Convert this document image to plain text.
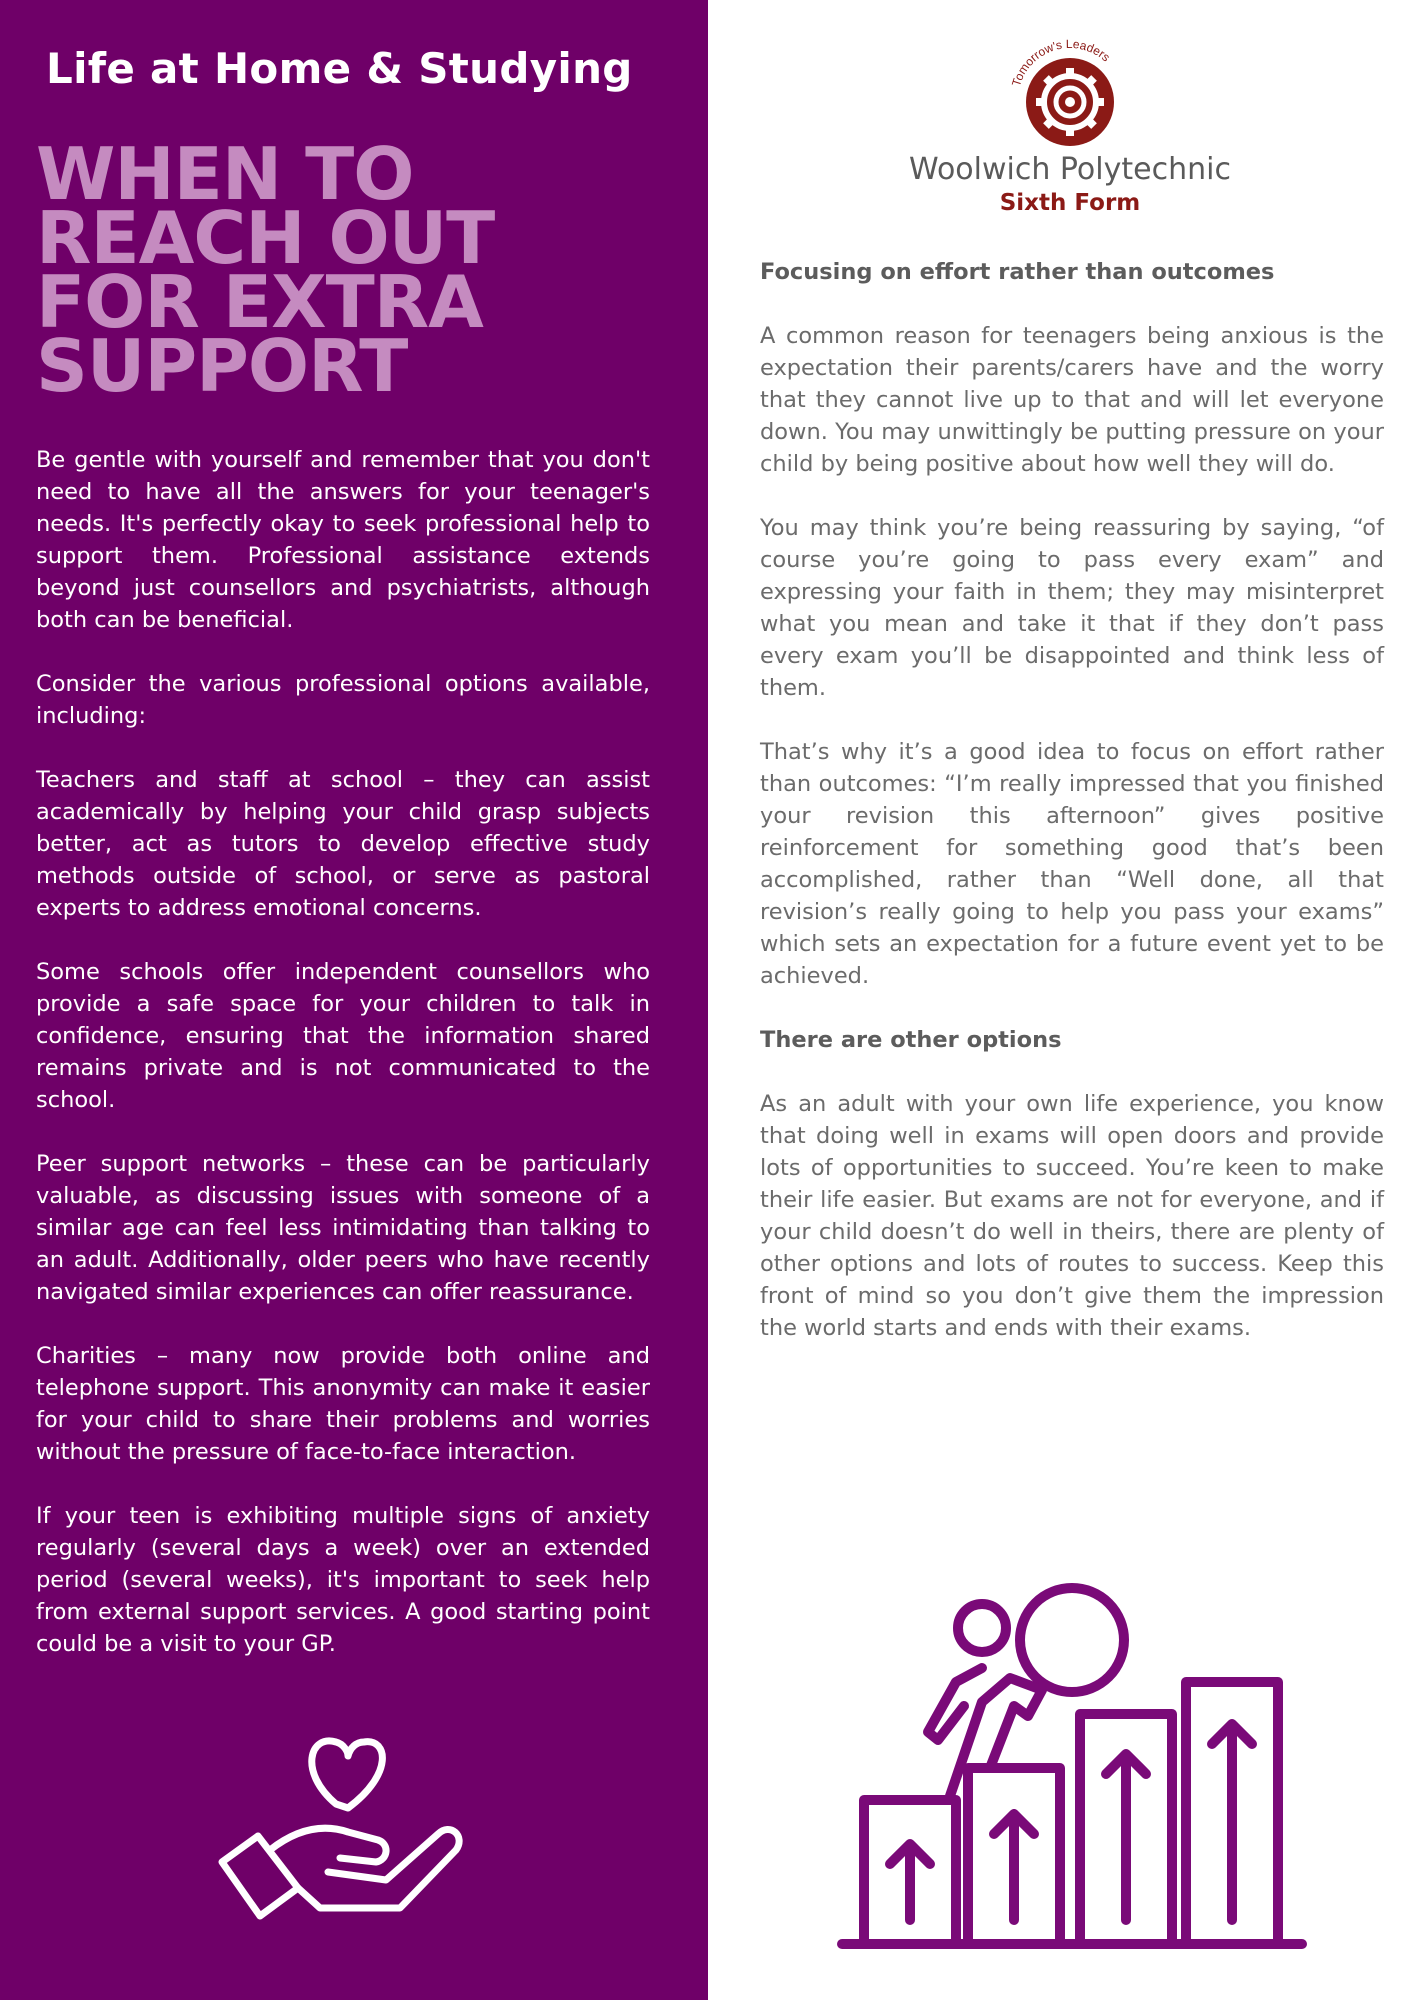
Life at Home & Studying
WHEN TO REACH OUT FOR EXTRA SUPPORT

Be gentle with yourself and remember that you don't need to have all the answers for your teenager's needs. It's perfectly okay to seek professional help to support them. Professional assistance extends beyond just counsellors and psychiatrists, although both can be beneficial.

Consider the various professional options available, including:

Teachers and staff at school – they can assist academically by helping your child grasp subjects better, act as tutors to develop effective study methods outside of school, or serve as pastoral experts to address emotional concerns.

Some schools offer independent counsellors who provide a safe space for your children to talk in confidence, ensuring that the information shared remains private and is not communicated to the school.

Peer support networks – these can be particularly valuable, as discussing issues with someone of a similar age can feel less intimidating than talking to an adult. Additionally, older peers who have recently navigated similar experiences can offer reassurance.

Charities – many now provide both online and telephone support. This anonymity can make it easier for your child to share their problems and worries without the pressure of face-to-face interaction.

If your teen is exhibiting multiple signs of anxiety regularly (several days a week) over an extended period (several weeks), it's important to seek help from external support services. A good starting point could be a visit to your GP.

Tomorrow's Leaders
Woolwich Polytechnic
Sixth Form

Focusing on effort rather than outcomes

A common reason for teenagers being anxious is the expectation their parents/carers have and the worry that they cannot live up to that and will let everyone down. You may unwittingly be putting pressure on your child by being positive about how well they will do.

You may think you’re being reassuring by saying, “of course you’re going to pass every exam” and expressing your faith in them; they may misinterpret what you mean and take it that if they don’t pass every exam you’ll be disappointed and think less of them.

That’s why it’s a good idea to focus on effort rather than outcomes: “I’m really impressed that you finished your revision this afternoon” gives positive reinforcement for something good that’s been accomplished, rather than “Well done, all that revision’s really going to help you pass your exams” which sets an expectation for a future event yet to be achieved.

There are other options

As an adult with your own life experience, you know that doing well in exams will open doors and provide lots of opportunities to succeed. You’re keen to make their life easier. But exams are not for everyone, and if your child doesn’t do well in theirs, there are plenty of other options and lots of routes to success. Keep this front of mind so you don’t give them the impression the world starts and ends with their exams.
